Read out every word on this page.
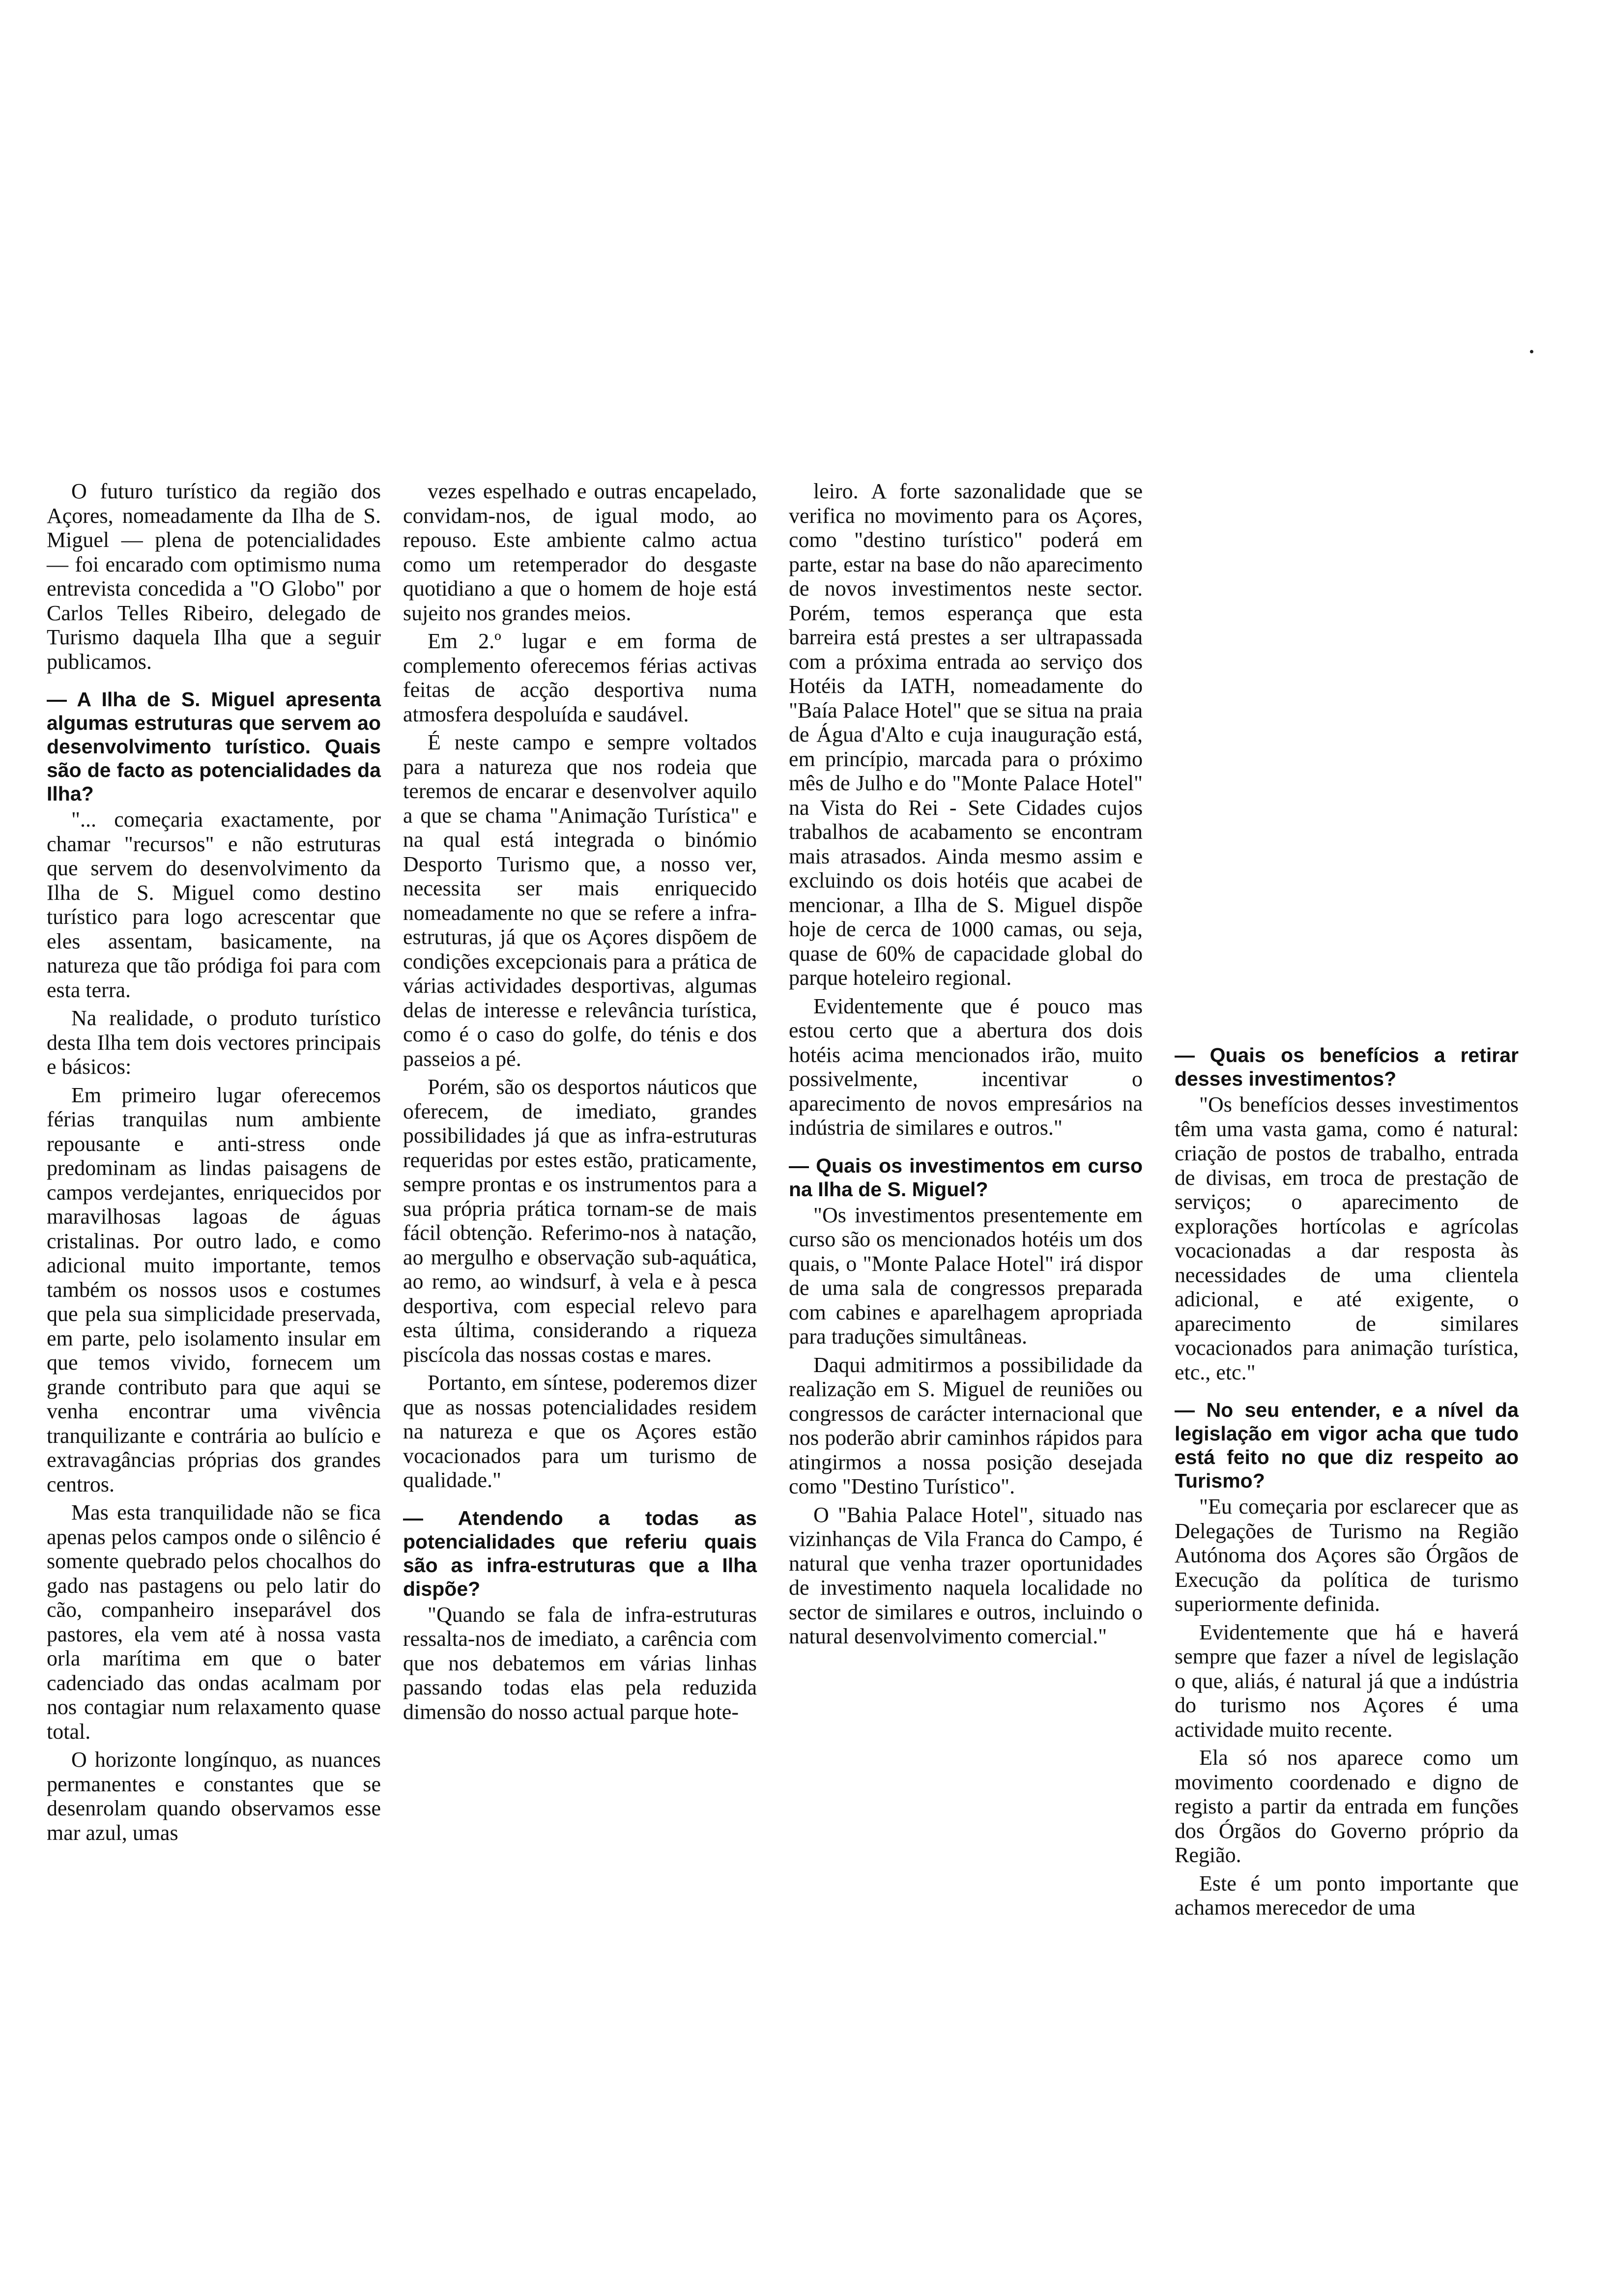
O futuro turístico da região dos Açores, nomeadamente da Ilha de S. Miguel — plena de potencialidades — foi encarado com optimismo numa entrevista concedida a "O Globo" por Carlos Telles Ribeiro, delegado de Turismo daquela Ilha que a seguir publicamos.

— A Ilha de S. Miguel apresenta algumas estruturas que servem ao desenvolvimento turístico. Quais são de facto as potencialidades da Ilha?

"... começaria exactamente, por chamar "recursos" e não estruturas que servem do desenvolvimento da Ilha de S. Miguel como destino turístico para logo acrescentar que eles assentam, basicamente, na natureza que tão pródiga foi para com esta terra.

Na realidade, o produto turístico desta Ilha tem dois vectores principais e básicos:

Em primeiro lugar oferecemos férias tranquilas num ambiente repousante e anti-stress onde predominam as lindas paisagens de campos verdejantes, enriquecidos por maravilhosas lagoas de águas cristalinas. Por outro lado, e como adicional muito importante, temos também os nossos usos e costumes que pela sua simplicidade preservada, em parte, pelo isolamento insular em que temos vivido, fornecem um grande contributo para que aqui se venha encontrar uma vivência tranquilizante e contrária ao bulício e extravagâncias próprias dos grandes centros.

Mas esta tranquilidade não se fica apenas pelos campos onde o silêncio é somente quebrado pelos chocalhos do gado nas pastagens ou pelo latir do cão, companheiro inseparável dos pastores, ela vem até à nossa vasta orla marítima em que o bater cadenciado das ondas acalmam por nos contagiar num relaxamento quase total.

O horizonte longínquo, as nuances permanentes e constantes que se desenrolam quando observamos esse mar azul, umas

vezes espelhado e outras encapelado, convidam-nos, de igual modo, ao repouso. Este ambiente calmo actua como um retemperador do desgaste quotidiano a que o homem de hoje está sujeito nos grandes meios.

Em 2.º lugar e em forma de complemento oferecemos férias activas feitas de acção desportiva numa atmosfera despoluída e saudável.

É neste campo e sempre voltados para a natureza que nos rodeia que teremos de encarar e desenvolver aquilo a que se chama "Animação Turística" e na qual está integrada o binómio Desporto Turismo que, a nosso ver, necessita ser mais enriquecido nomeadamente no que se refere a infra-estruturas, já que os Açores dispõem de condições excepcionais para a prática de várias actividades desportivas, algumas delas de interesse e relevância turística, como é o caso do golfe, do ténis e dos passeios a pé.

Porém, são os desportos náuticos que oferecem, de imediato, grandes possibilidades já que as infra-estruturas requeridas por estes estão, praticamente, sempre prontas e os instrumentos para a sua própria prática tornam-se de mais fácil obtenção. Referimo-nos à natação, ao mergulho e observação sub-aquática, ao remo, ao windsurf, à vela e à pesca desportiva, com especial relevo para esta última, considerando a riqueza piscícola das nossas costas e mares.

Portanto, em síntese, poderemos dizer que as nossas potencialidades residem na natureza e que os Açores estão vocacionados para um turismo de qualidade."

— Atendendo a todas as potencialidades que referiu quais são as infra-estruturas que a Ilha dispõe?

"Quando se fala de infra-estruturas ressalta-nos de imediato, a carência com que nos debatemos em várias linhas passando todas elas pela reduzida dimensão do nosso actual parque hote-

leiro. A forte sazonalidade que se verifica no movimento para os Açores, como "destino turístico" poderá em parte, estar na base do não aparecimento de novos investimentos neste sector. Porém, temos esperança que esta barreira está prestes a ser ultrapassada com a próxima entrada ao serviço dos Hotéis da IATH, nomeadamente do "Baía Palace Hotel" que se situa na praia de Água d'Alto e cuja inauguração está, em princípio, marcada para o próximo mês de Julho e do "Monte Palace Hotel" na Vista do Rei - Sete Cidades cujos trabalhos de acabamento se encontram mais atrasados. Ainda mesmo assim e excluindo os dois hotéis que acabei de mencionar, a Ilha de S. Miguel dispõe hoje de cerca de 1000 camas, ou seja, quase de 60% de capacidade global do parque hoteleiro regional.

Evidentemente que é pouco mas estou certo que a abertura dos dois hotéis acima mencionados irão, muito possivelmente, incentivar o aparecimento de novos empresários na indústria de similares e outros."

— Quais os investimentos em curso na Ilha de S. Miguel?

"Os investimentos presentemente em curso são os mencionados hotéis um dos quais, o "Monte Palace Hotel" irá dispor de uma sala de congressos preparada com cabines e aparelhagem apropriada para traduções simultâneas.

Daqui admitirmos a possibilidade da realização em S. Miguel de reuniões ou congressos de carácter internacional que nos poderão abrir caminhos rápidos para atingirmos a nossa posição desejada como "Destino Turístico".

O "Bahia Palace Hotel", situado nas vizinhanças de Vila Franca do Campo, é natural que venha trazer oportunidades de investimento naquela localidade no sector de similares e outros, incluindo o natural desenvolvimento comercial."

— Quais os benefícios a retirar desses investimentos?

"Os benefícios desses investimentos têm uma vasta gama, como é natural: criação de postos de trabalho, entrada de divisas, em troca de prestação de serviços; o aparecimento de explorações hortícolas e agrícolas vocacionadas a dar resposta às necessidades de uma clientela adicional, e até exigente, o aparecimento de similares vocacionados para animação turística, etc., etc."

— No seu entender, e a nível da legislação em vigor acha que tudo está feito no que diz respeito ao Turismo?

"Eu começaria por esclarecer que as Delegações de Turismo na Região Autónoma dos Açores são Órgãos de Execução da política de turismo superiormente definida.

Evidentemente que há e haverá sempre que fazer a nível de legislação o que, aliás, é natural já que a indústria do turismo nos Açores é uma actividade muito recente.

Ela só nos aparece como um movimento coordenado e digno de registo a partir da entrada em funções dos Órgãos do Governo próprio da Região.

Este é um ponto importante que achamos merecedor de uma
